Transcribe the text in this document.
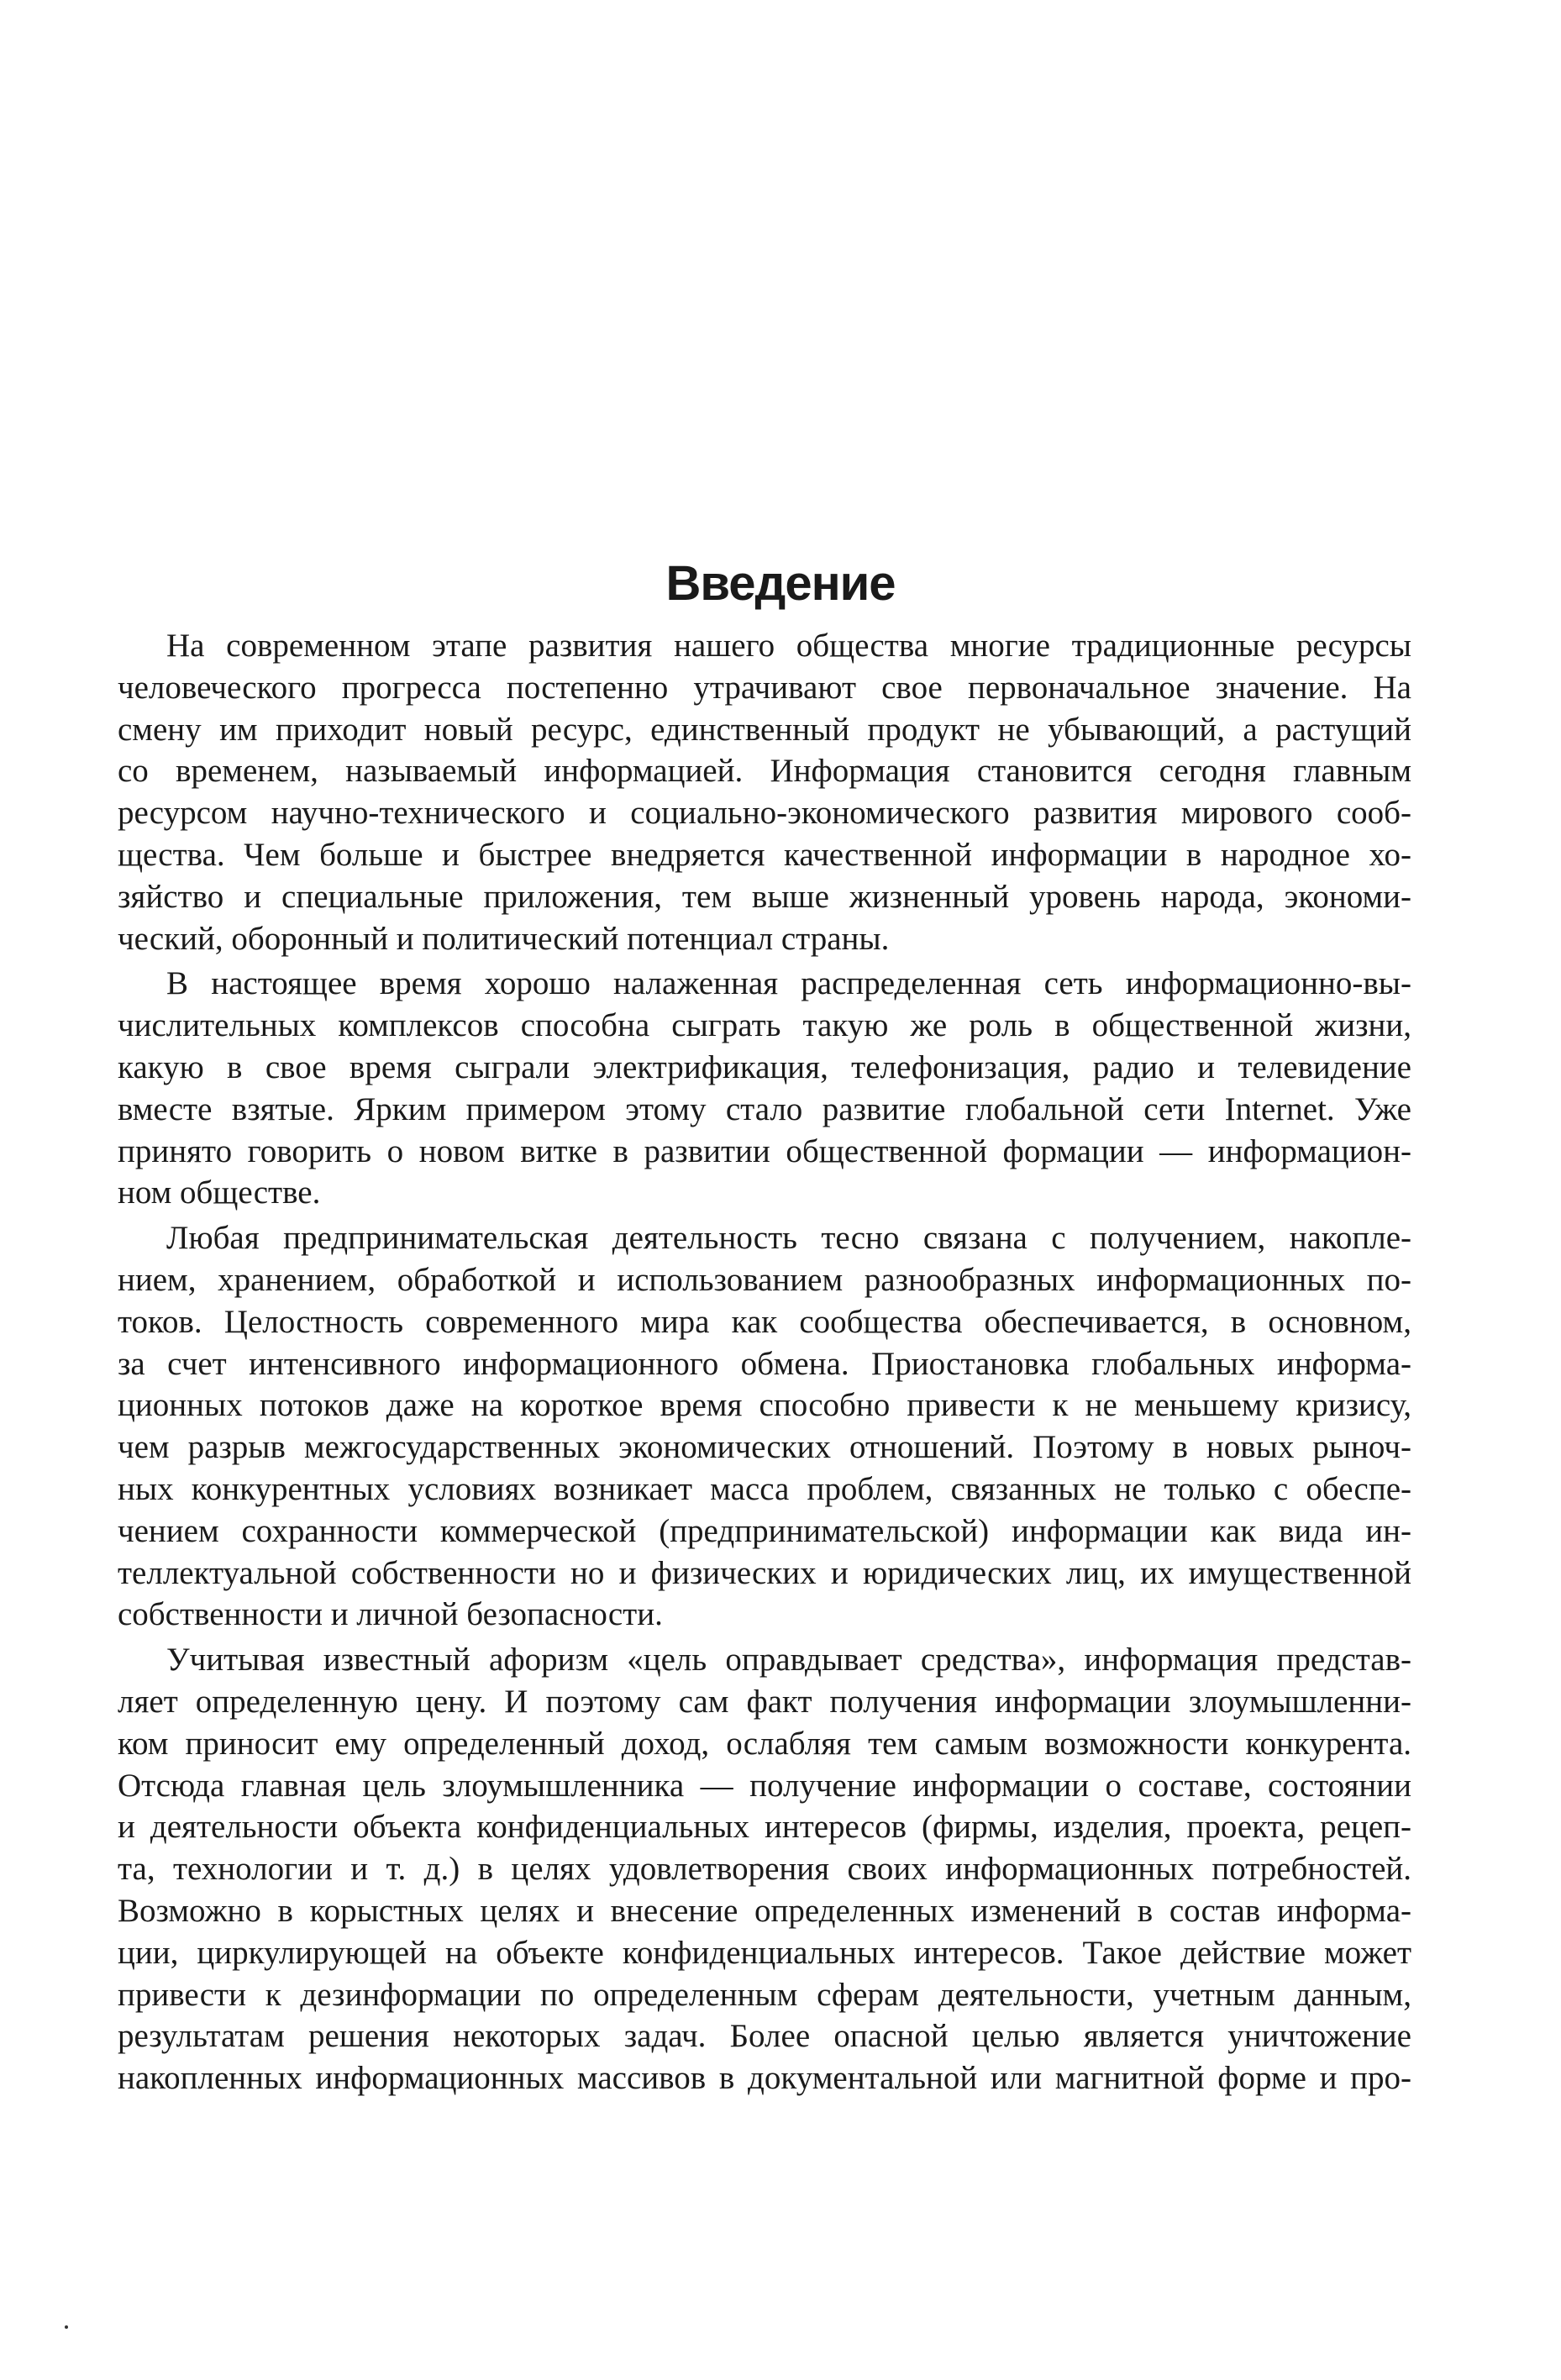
Введение
На современном этапе развития нашего общества многие традиционные ресурсы
человеческого прогресса постепенно утрачивают свое первоначальное значение. На
смену им приходит новый ресурс, единственный продукт не убывающий, а растущий
со временем, называемый информацией. Информация становится сегодня главным
ресурсом научно-технического и социально-экономического развития мирового сооб-
щества. Чем больше и быстрее внедряется качественной информации в народное хо-
зяйство и специальные приложения, тем выше жизненный уровень народа, экономи-
ческий, оборонный и политический потенциал страны.
В настоящее время хорошо налаженная распределенная сеть информационно-вы-
числительных комплексов способна сыграть такую же роль в общественной жизни,
какую в свое время сыграли электрификация, телефонизация, радио и телевидение
вместе взятые. Ярким примером этому стало развитие глобальной сети Internet. Уже
принято говорить о новом витке в развитии общественной формации — информацион-
ном обществе.
Любая предпринимательская деятельность тесно связана с получением, накопле-
нием, хранением, обработкой и использованием разнообразных информационных по-
токов. Целостность современного мира как сообщества обеспечивается, в основном,
за счет интенсивного информационного обмена. Приостановка глобальных информа-
ционных потоков даже на короткое время способно привести к не меньшему кризису,
чем разрыв межгосударственных экономических отношений. Поэтому в новых рыноч-
ных конкурентных условиях возникает масса проблем, связанных не только с обеспе-
чением сохранности коммерческой (предпринимательской) информации как вида ин-
теллектуальной собственности но и физических и юридических лиц, их имущественной
собственности и личной безопасности.
Учитывая известный афоризм «цель оправдывает средства», информация представ-
ляет определенную цену. И поэтому сам факт получения информации злоумышленни-
ком приносит ему определенный доход, ослабляя тем самым возможности конкурента.
Отсюда главная цель злоумышленника — получение информации о составе, состоянии
и деятельности объекта конфиденциальных интересов (фирмы, изделия, проекта, рецеп-
та, технологии и т. д.) в целях удовлетворения своих информационных потребностей.
Возможно в корыстных целях и внесение определенных изменений в состав информа-
ции, циркулирующей на объекте конфиденциальных интересов. Такое действие может
привести к дезинформации по определенным сферам деятельности, учетным данным,
результатам решения некоторых задач. Более опасной целью является уничтожение
накопленных информационных массивов в документальной или магнитной форме и про-
